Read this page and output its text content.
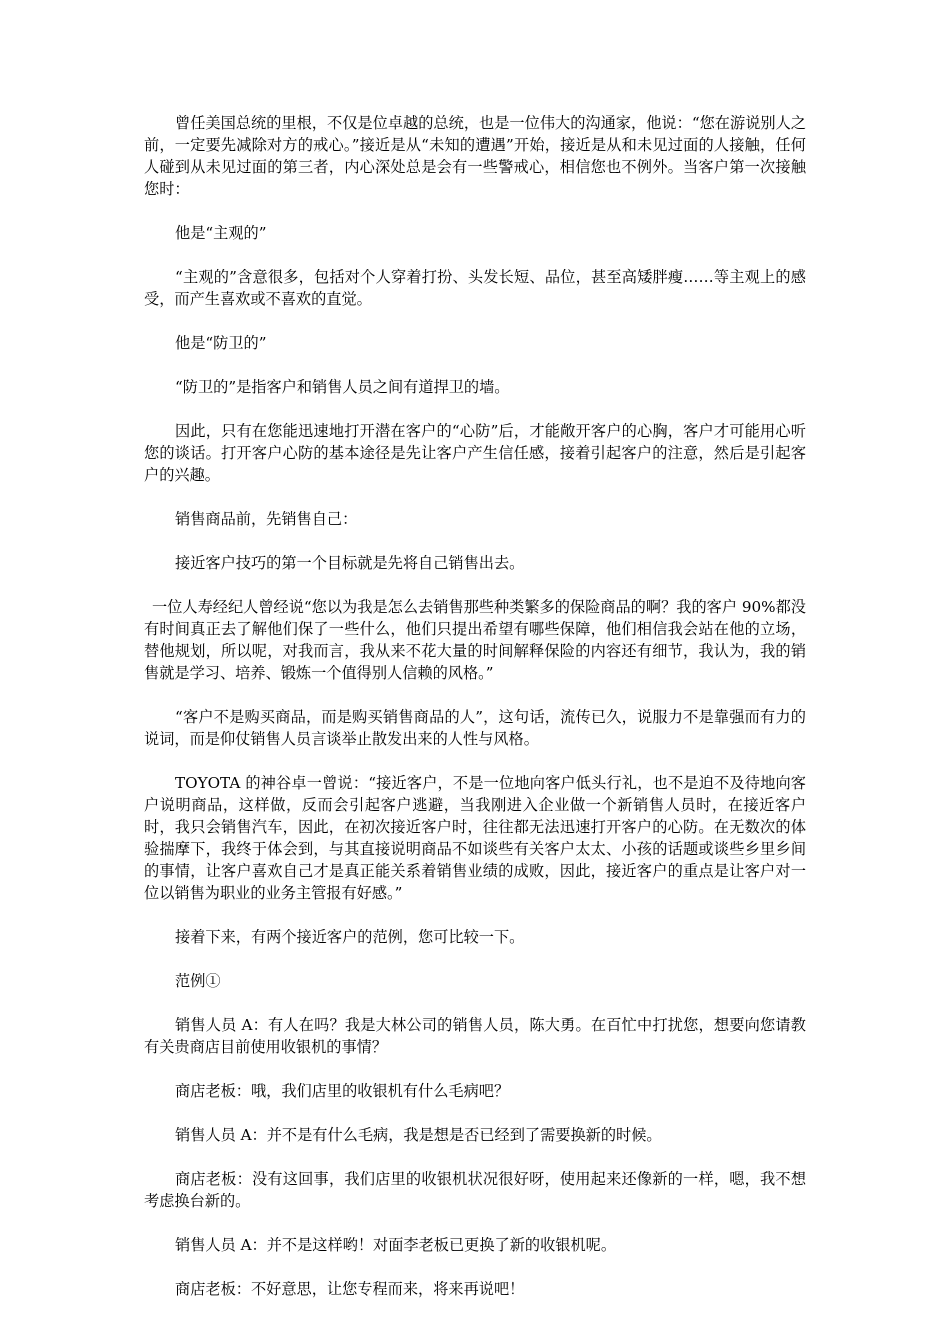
曾任美国总统的里根，不仅是位卓越的总统，也是一位伟大的沟通家，他说：“您在游说别人之前，一定要先减除对方的戒心。”接近是从“未知的遭遇”开始，接近是从和未见过面的人接触，任何人碰到从未见过面的第三者，内心深处总是会有一些警戒心，相信您也不例外。当客户第一次接触您时：

他是“主观的”

“主观的”含意很多，包括对个人穿着打扮、头发长短、品位，甚至高矮胖瘦……等主观上的感受，而产生喜欢或不喜欢的直觉。

他是“防卫的”

“防卫的”是指客户和销售人员之间有道捍卫的墙。

因此，只有在您能迅速地打开潜在客户的“心防”后，才能敞开客户的心胸，客户才可能用心听您的谈话。打开客户心防的基本途径是先让客户产生信任感，接着引起客户的注意，然后是引起客户的兴趣。

销售商品前，先销售自己：

接近客户技巧的第一个目标就是先将自己销售出去。

一位人寿经纪人曾经说“您以为我是怎么去销售那些种类繁多的保险商品的啊？我的客户 90%都没有时间真正去了解他们保了一些什么，他们只提出希望有哪些保障，他们相信我会站在他的立场，替他规划，所以呢，对我而言，我从来不花大量的时间解释保险的内容还有细节，我认为，我的销售就是学习、培养、锻炼一个值得别人信赖的风格。”

“客户不是购买商品，而是购买销售商品的人”，这句话，流传已久，说服力不是靠强而有力的说词，而是仰仗销售人员言谈举止散发出来的人性与风格。

TOYOTA 的神谷卓一曾说：“接近客户，不是一位地向客户低头行礼，也不是迫不及待地向客户说明商品，这样做，反而会引起客户逃避，当我刚进入企业做一个新销售人员时，在接近客户时，我只会销售汽车，因此，在初次接近客户时，往往都无法迅速打开客户的心防。在无数次的体验揣摩下，我终于体会到，与其直接说明商品不如谈些有关客户太太、小孩的话题或谈些乡里乡间的事情，让客户喜欢自己才是真正能关系着销售业绩的成败，因此，接近客户的重点是让客户对一位以销售为职业的业务主管报有好感。”

接着下来，有两个接近客户的范例，您可比较一下。

范例①

销售人员 A：有人在吗？我是大林公司的销售人员，陈大勇。在百忙中打扰您，想要向您请教有关贵商店目前使用收银机的事情？

商店老板：哦，我们店里的收银机有什么毛病吧？

销售人员 A：并不是有什么毛病，我是想是否已经到了需要换新的时候。

商店老板：没有这回事，我们店里的收银机状况很好呀，使用起来还像新的一样，嗯，我不想考虑换台新的。

销售人员 A：并不是这样哟！对面李老板已更换了新的收银机呢。

商店老板：不好意思，让您专程而来，将来再说吧！
